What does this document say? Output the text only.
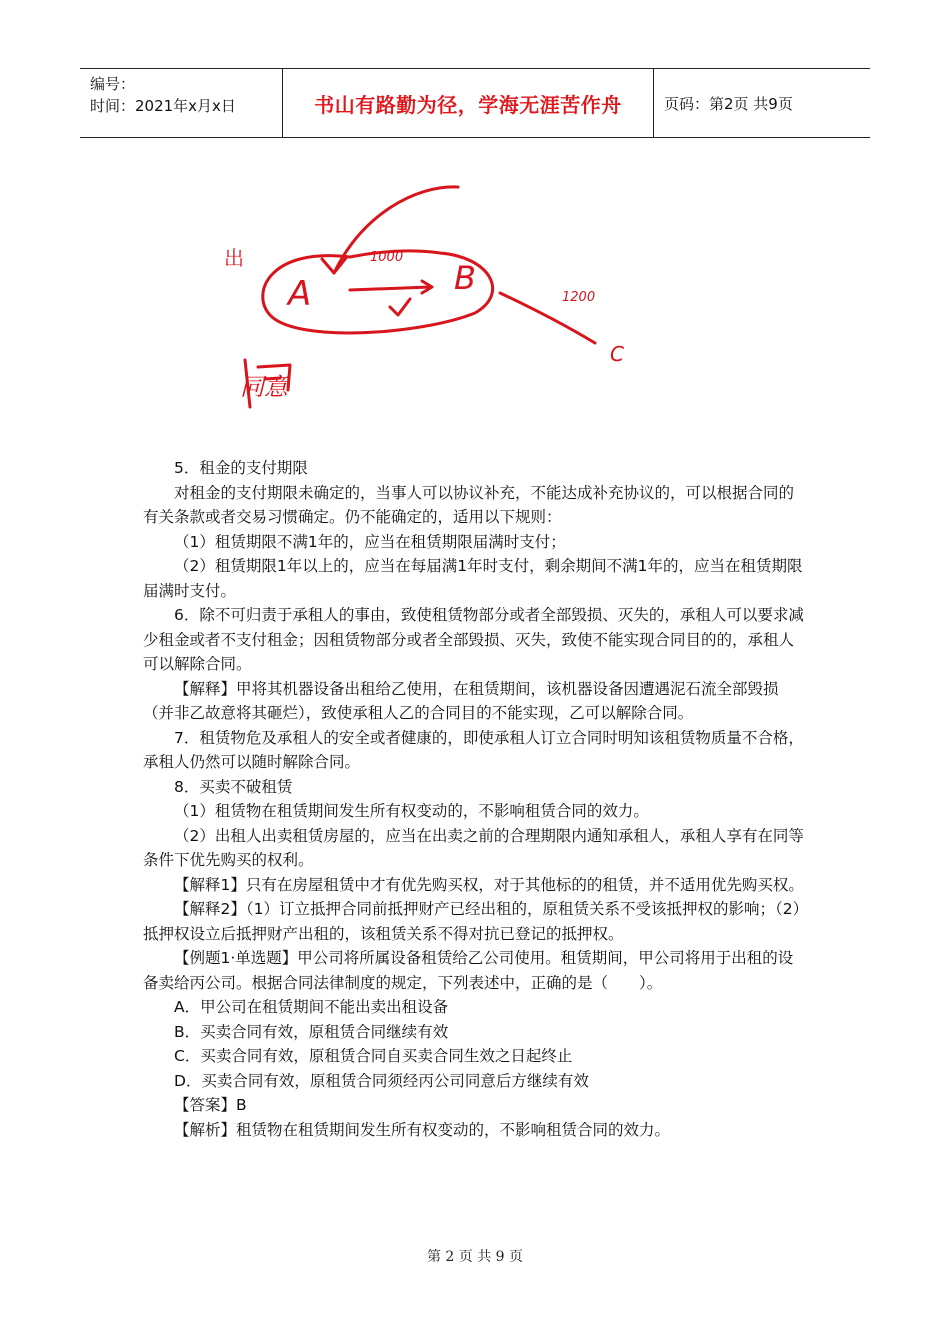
编号：
时间：2021年x月x日	书山有路勤为径，学海无涯苦作舟	页码：第2页 共9页
出
A
1000
B
1200
C
同意

5．租金的支付期限

对租金的支付期限未确定的，当事人可以协议补充，不能达成补充协议的，可以根据合同的有关条款或者交易习惯确定。仍不能确定的，适用以下规则：

（1）租赁期限不满1年的，应当在租赁期限届满时支付；

（2）租赁期限1年以上的，应当在每届满1年时支付，剩余期间不满1年的，应当在租赁期限届满时支付。

6．除不可归责于承租人的事由，致使租赁物部分或者全部毁损、灭失的，承租人可以要求减少租金或者不支付租金；因租赁物部分或者全部毁损、灭失，致使不能实现合同目的的，承租人可以解除合同。

【解释】甲将其机器设备出租给乙使用，在租赁期间，该机器设备因遭遇泥石流全部毁损（并非乙故意将其砸烂），致使承租人乙的合同目的不能实现，乙可以解除合同。

7．租赁物危及承租人的安全或者健康的，即使承租人订立合同时明知该租赁物质量不合格，承租人仍然可以随时解除合同。

8．买卖不破租赁

（1）租赁物在租赁期间发生所有权变动的，不影响租赁合同的效力。

（2）出租人出卖租赁房屋的，应当在出卖之前的合理期限内通知承租人，承租人享有在同等条件下优先购买的权利。

【解释1】只有在房屋租赁中才有优先购买权，对于其他标的的租赁，并不适用优先购买权。

【解释2】（1）订立抵押合同前抵押财产已经出租的，原租赁关系不受该抵押权的影响；（2）抵押权设立后抵押财产出租的，该租赁关系不得对抗已登记的抵押权。

【例题1·单选题】甲公司将所属设备租赁给乙公司使用。租赁期间，甲公司将用于出租的设备卖给丙公司。根据合同法律制度的规定，下列表述中，正确的是（　　）。

A．甲公司在租赁期间不能出卖出租设备

B．买卖合同有效，原租赁合同继续有效

C．买卖合同有效，原租赁合同自买卖合同生效之日起终止

D．买卖合同有效，原租赁合同须经丙公司同意后方继续有效

【答案】B

【解析】租赁物在租赁期间发生所有权变动的，不影响租赁合同的效力。

第 2 页 共 9 页
